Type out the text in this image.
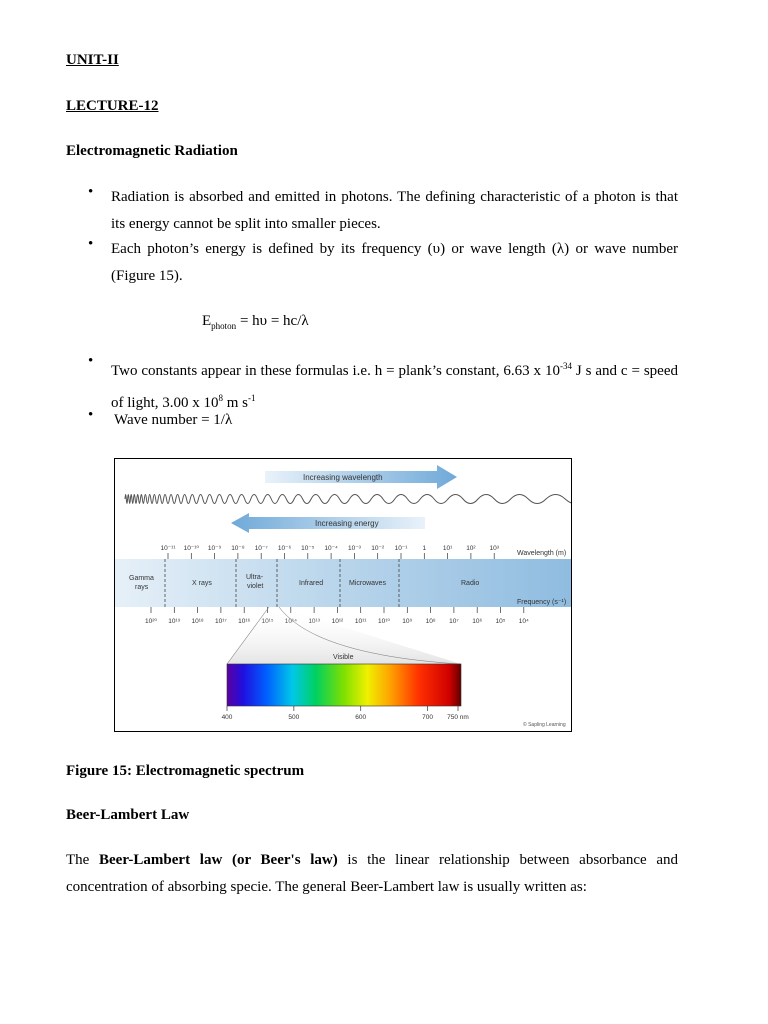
UNIT-II
LECTURE-12
Electromagnetic Radiation
• Radiation is absorbed and emitted in photons. The defining characteristic of a photon is that its energy cannot be split into smaller pieces.
• Each photon’s energy is defined by its frequency (υ) or wave length (λ) or wave number (Figure 15).
$E_{photon} = h\upsilon = hc/\lambda$
•
Two constants appear in these formulas i.e. h = plank’s constant, 6.63 x $10^{-34}$ J s and c = speed of light, 3.00 x $10^8$ m $s^{-1}$
• Wave number = 1/λ
Increasing wavelength
Increasing energy
10⁻¹¹ 10⁻¹⁰ 10⁻⁹ 10⁻⁸ 10⁻⁷ 10⁻⁶ 10⁻⁵ 10⁻⁴ 10⁻³ 10⁻² 10⁻¹ 1	10¹ 10² 10³
Wavelength (m)
Gamma
rays
X rays
Ultra-
violet	Infrared	Microwaves	Radio
Frequency (s⁻¹)
10²⁰ 10¹⁹ 10¹⁸ 10¹⁷ 10¹⁶	10¹² 10¹¹ 10¹⁰ 10⁹ 10⁸ 10⁷ 10⁶ 10⁵ 10⁴
Visible
400	500	600	700 750 nm
© Sapling Learning
Figure 15: Electromagnetic spectrum
Beer-Lambert Law
The Beer-Lambert law (or Beer's law) is the linear relationship between absorbance and concentration of absorbing specie. The general Beer-Lambert law is usually written as:
